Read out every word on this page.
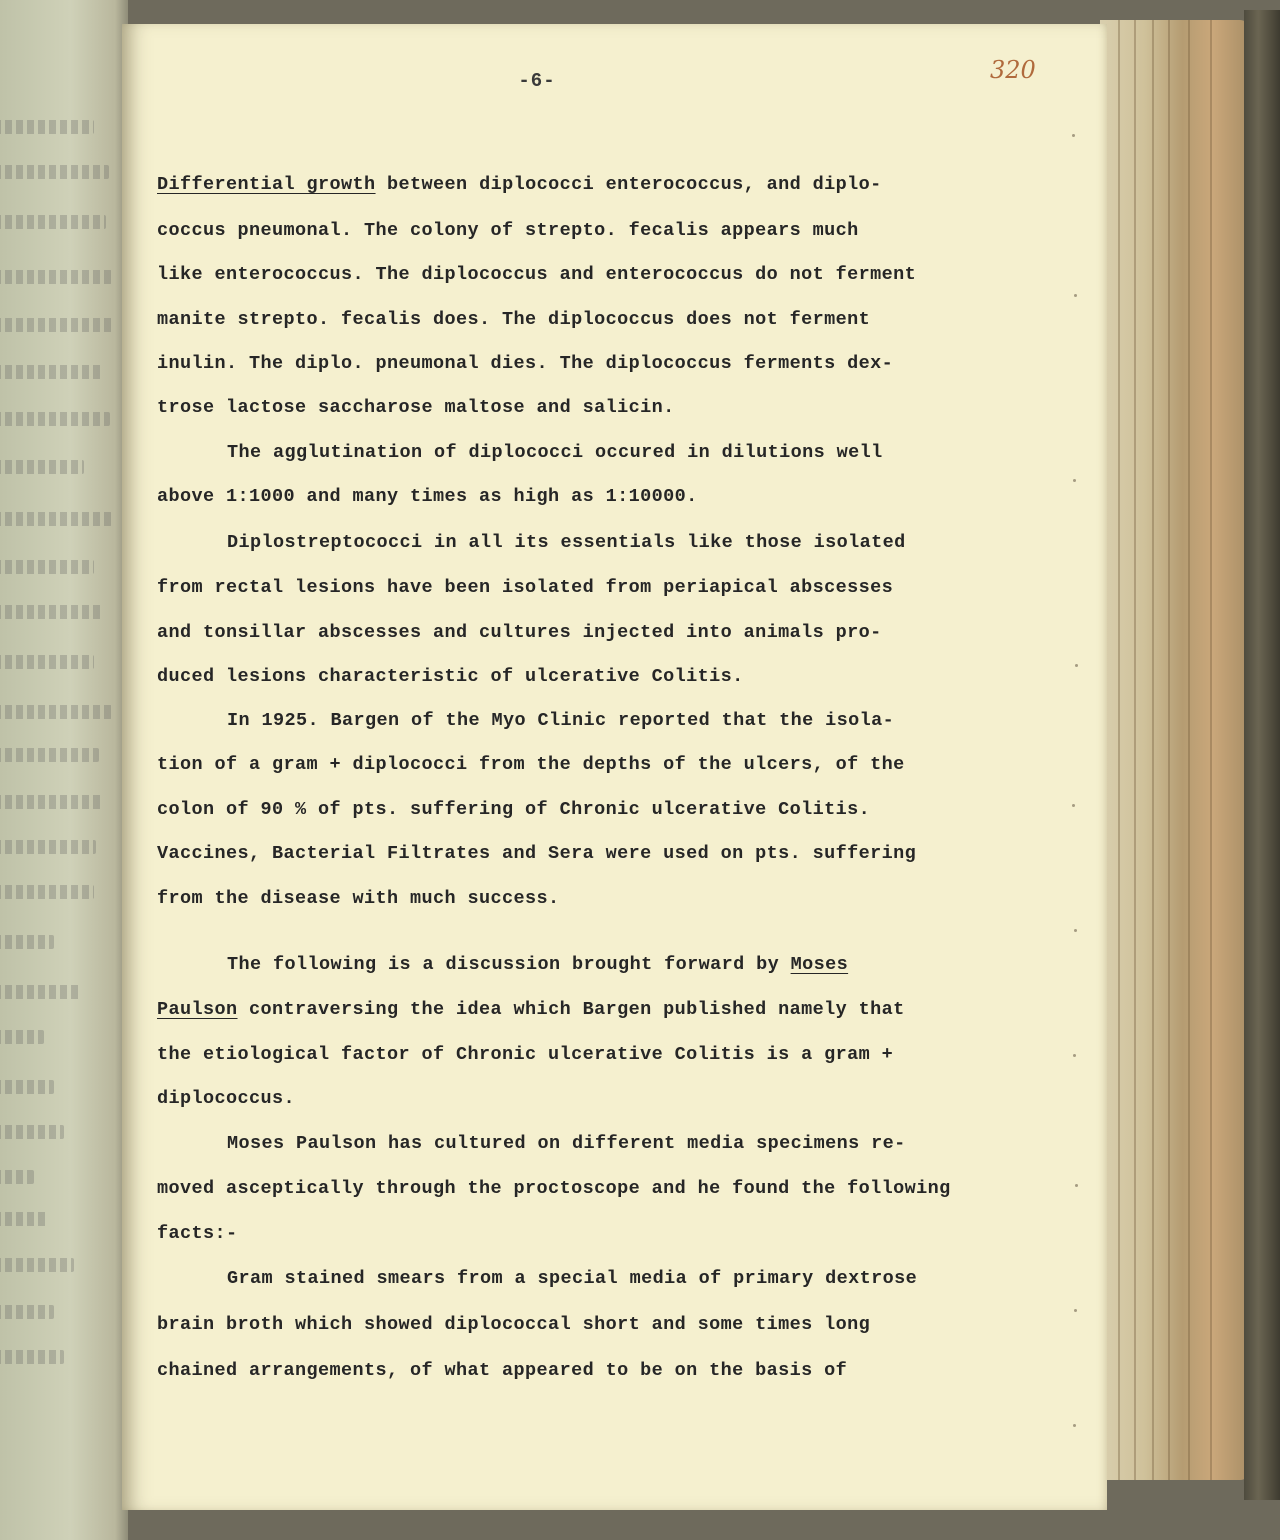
-6-	320
Differential growth between diplococci enterococcus, and diplo-
coccus pneumonal. The colony of strepto. fecalis appears much
like enterococcus. The diplococcus and enterococcus do not ferment
manite strepto. fecalis does. The diplococcus does not ferment
inulin. The diplo. pneumonal dies. The diplococcus ferments dex-
trose lactose saccharose maltose and salicin.
The agglutination of diplococci occured in dilutions well
above 1:1000 and many times as high as 1:10000.
Diplostreptococci in all its essentials like those isolated
from rectal lesions have been isolated from periapical abscesses
and tonsillar abscesses and cultures injected into animals pro-
duced lesions characteristic of ulcerative Colitis.
In 1925. Bargen of the Myo Clinic reported that the isola-
tion of a gram + diplococci from the depths of the ulcers, of the
colon of 90 % of pts. suffering of Chronic ulcerative Colitis.
Vaccines, Bacterial Filtrates and Sera were used on pts. suffering
from the disease with much success.
The following is a discussion brought forward by Moses
Paulson contraversing the idea which Bargen published namely that
the etiological factor of Chronic ulcerative Colitis is a gram +
diplococcus.
Moses Paulson has cultured on different media specimens re-
moved asceptically through the proctoscope and he found the following
facts:-
Gram stained smears from a special media of primary dextrose
brain broth which showed diplococcal short and some times long
chained arrangements, of what appeared to be on the basis of
